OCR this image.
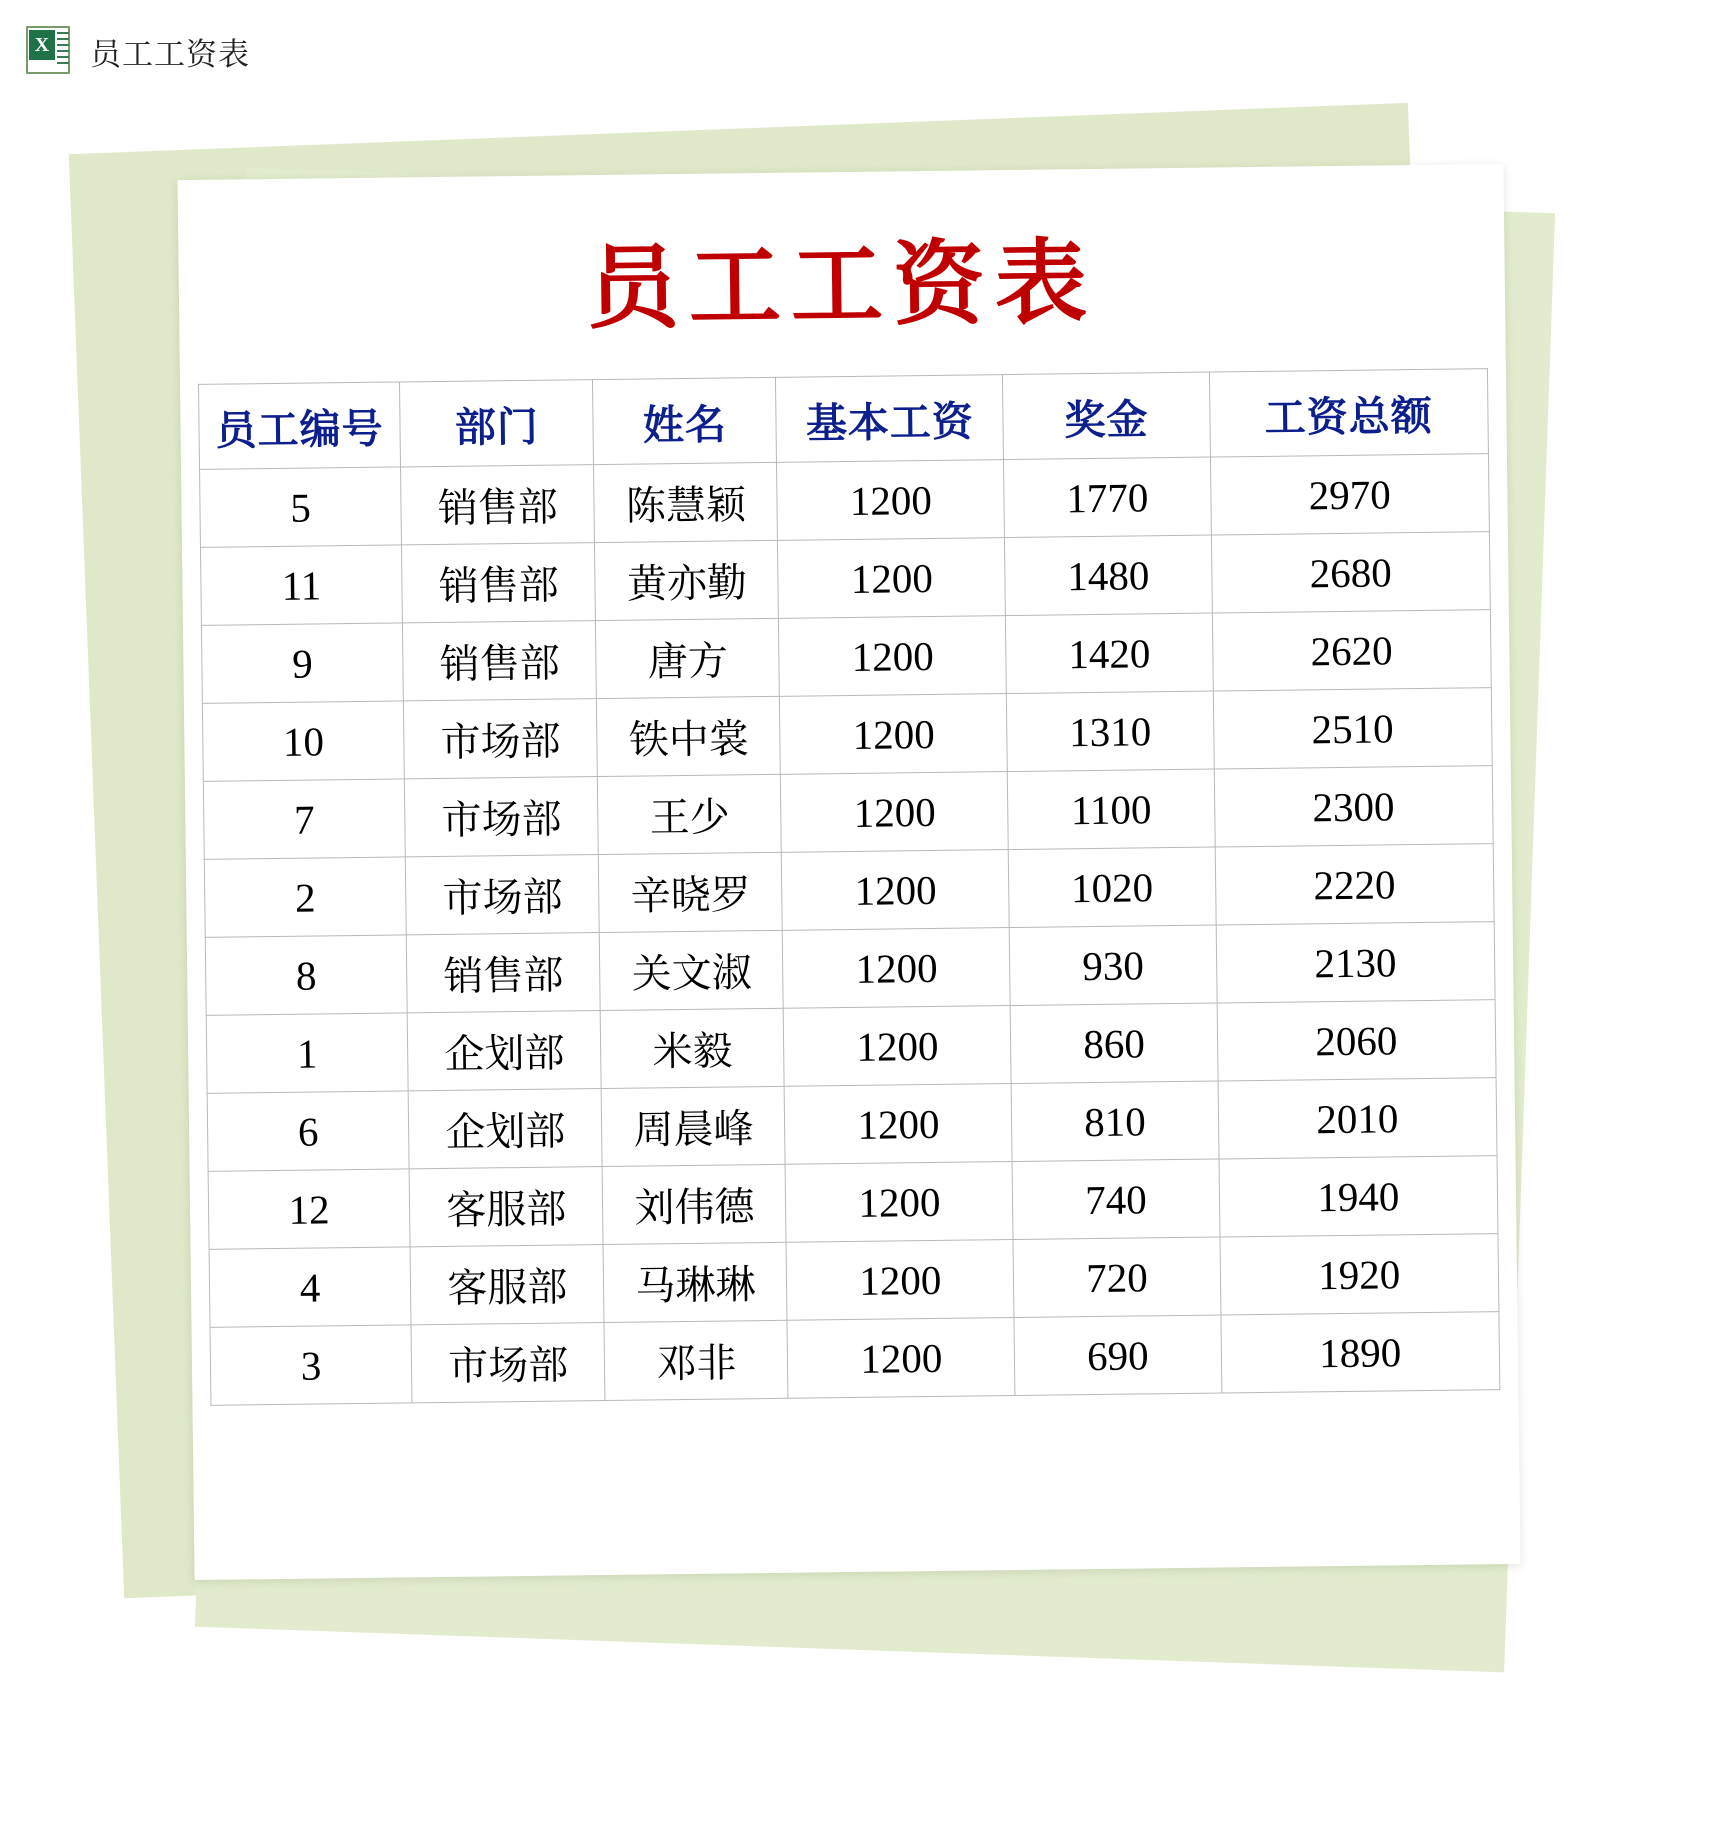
X 员工工资表
员工工资表
员工编号	部门	姓名	基本工资	奖金	工资总额
5	销售部	陈慧颖	1200	1770	2970
11	销售部	黄亦勤	1200	1480	2680
9	销售部	唐方	1200	1420	2620
10	市场部	铁中裳	1200	1310	2510
7	市场部	王少	1200	1100	2300
2	市场部	辛晓罗	1200	1020	2220
8	销售部	关文淑	1200	930	2130
1	企划部	米毅	1200	860	2060
6	企划部	周晨峰	1200	810	2010
12	客服部	刘伟德	1200	740	1940
4	客服部	马琳琳	1200	720	1920
3	市场部	邓非	1200	690	1890
